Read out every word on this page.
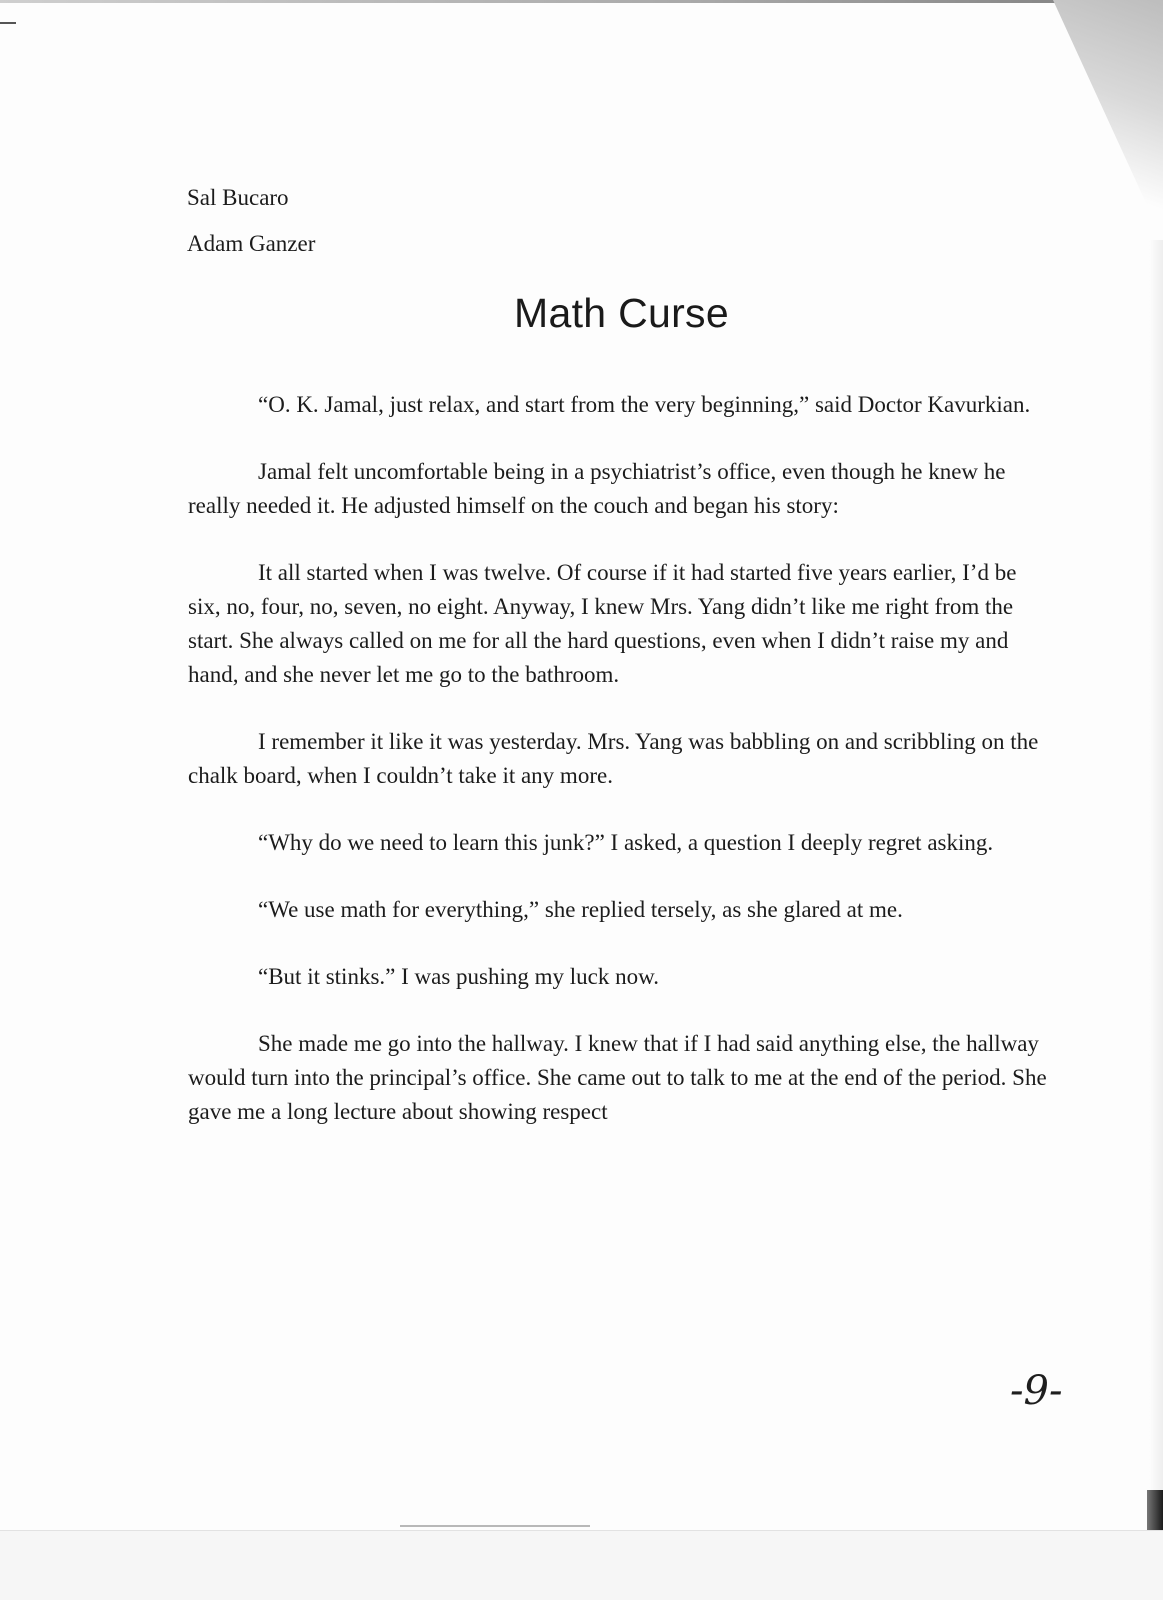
Sal Bucaro
Adam Ganzer
Math Curse

“O. K. Jamal, just relax, and start from the very beginning,” said Doctor Kavurkian.

Jamal felt uncomfortable being in a psychiatrist’s office, even though he knew he really needed it. He adjusted himself on the couch and began his story:

It all started when I was twelve. Of course if it had started five years earlier, I’d be six, no, four, no, seven, no eight. Anyway, I knew Mrs. Yang didn’t like me right from the start. She always called on me for all the hard questions, even when I didn’t raise my and hand, and she never let me go to the bathroom.

I remember it like it was yesterday. Mrs. Yang was babbling on and scribbling on the chalk board, when I couldn’t take it any more.

“Why do we need to learn this junk?” I asked, a question I deeply regret asking.

“We use math for everything,” she replied tersely, as she glared at me.

“But it stinks.” I was pushing my luck now.

She made me go into the hallway. I knew that if I had said anything else, the hallway would turn into the principal’s office. She came out to talk to me at the end of the period. She gave me a long lecture about showing respect

-9-
